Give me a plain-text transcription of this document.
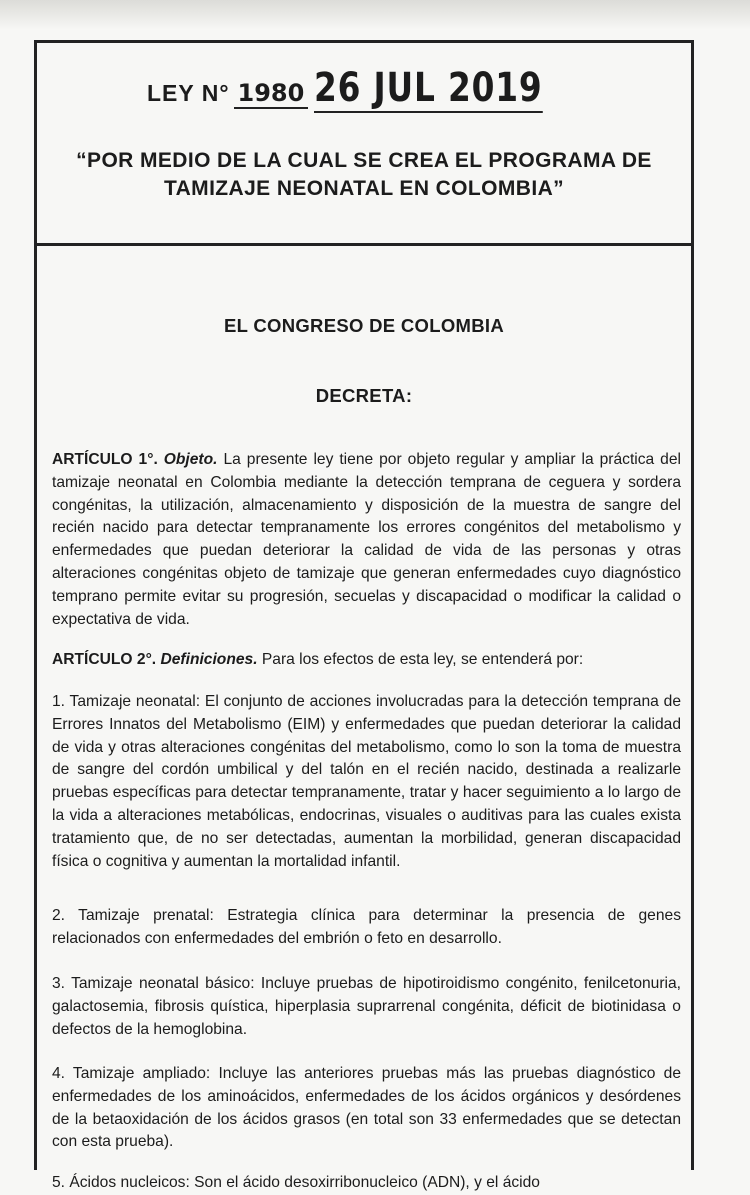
LEY N° 1980 26 JUL 2019
“POR MEDIO DE LA CUAL SE CREA EL PROGRAMA DE
TAMIZAJE NEONATAL EN COLOMBIA”
EL CONGRESO DE COLOMBIA
DECRETA:

ARTÍCULO 1°. Objeto. La presente ley tiene por objeto regular y ampliar la práctica del tamizaje neonatal en Colombia mediante la detección temprana de ceguera y sordera congénitas, la utilización, almacenamiento y disposición de la muestra de sangre del recién nacido para detectar tempranamente los errores congénitos del metabolismo y enfermedades que puedan deteriorar la calidad de vida de las personas y otras alteraciones congénitas objeto de tamizaje que generan enfermedades cuyo diagnóstico temprano permite evitar su progresión, secuelas y discapacidad o modificar la calidad o expectativa de vida.

ARTÍCULO 2°. Definiciones. Para los efectos de esta ley, se entenderá por:

1. Tamizaje neonatal: El conjunto de acciones involucradas para la detección temprana de Errores Innatos del Metabolismo (EIM) y enfermedades que puedan deteriorar la calidad de vida y otras alteraciones congénitas del metabolismo, como lo son la toma de muestra de sangre del cordón umbilical y del talón en el recién nacido, destinada a realizarle pruebas específicas para detectar tempranamente, tratar y hacer seguimiento a lo largo de la vida a alteraciones metabólicas, endocrinas, visuales o auditivas para las cuales exista tratamiento que, de no ser detectadas, aumentan la morbilidad, generan discapacidad física o cognitiva y aumentan la mortalidad infantil.

2. Tamizaje prenatal: Estrategia clínica para determinar la presencia de genes relacionados con enfermedades del embrión o feto en desarrollo.

3. Tamizaje neonatal básico: Incluye pruebas de hipotiroidismo congénito, fenilcetonuria, galactosemia, fibrosis quística, hiperplasia suprarrenal congénita, déficit de biotinidasa o defectos de la hemoglobina.

4. Tamizaje ampliado: Incluye las anteriores pruebas más las pruebas diagnóstico de enfermedades de los aminoácidos, enfermedades de los ácidos orgánicos y desórdenes de la betaoxidación de los ácidos grasos (en total son 33 enfermedades que se detectan con esta prueba).

5. Ácidos nucleicos: Son el ácido desoxirribonucleico (ADN), y el ácido
